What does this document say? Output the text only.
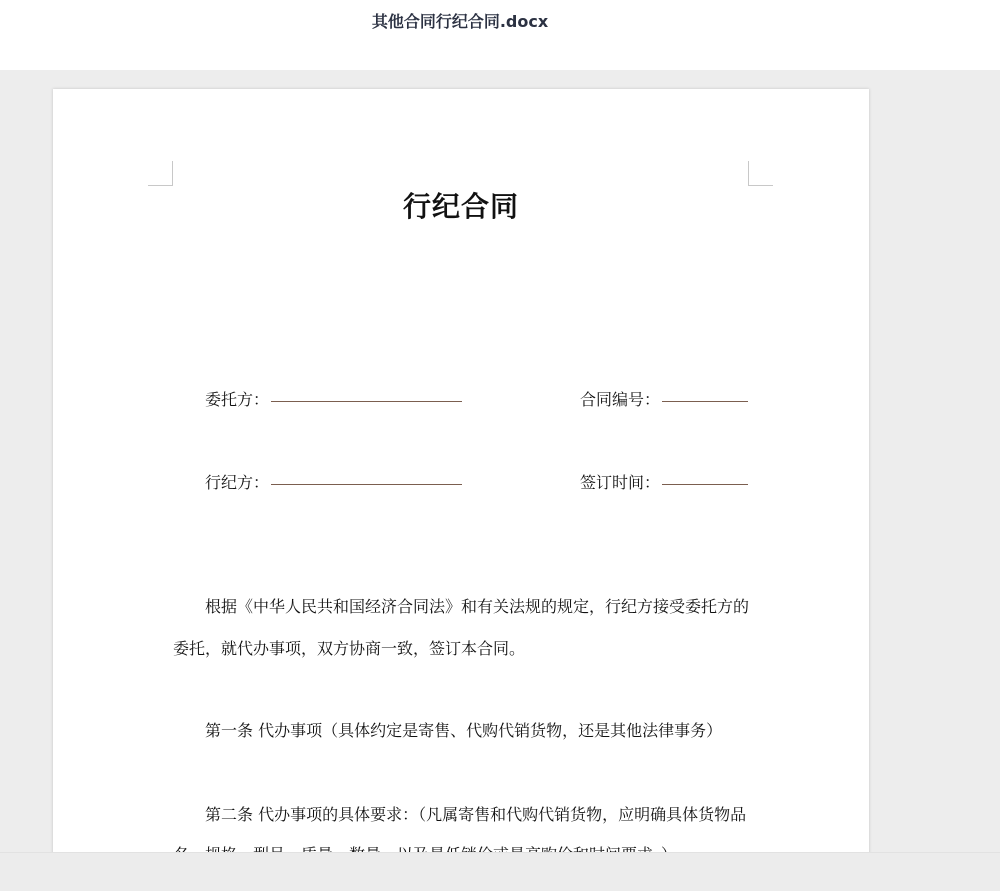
其他合同行纪合同.docx
行纪合同
委托方：	合同编号：
行纪方：	签订时间：
根据《中华人民共和国经济合同法》和有关法规的规定，行纪方接受委托方的
委托，就代办事项，双方协商一致，签订本合同。
第一条 代办事项（具体约定是寄售、代购代销货物，还是其他法律事务）
第二条 代办事项的具体要求：（凡属寄售和代购代销货物，应明确具体货物品
